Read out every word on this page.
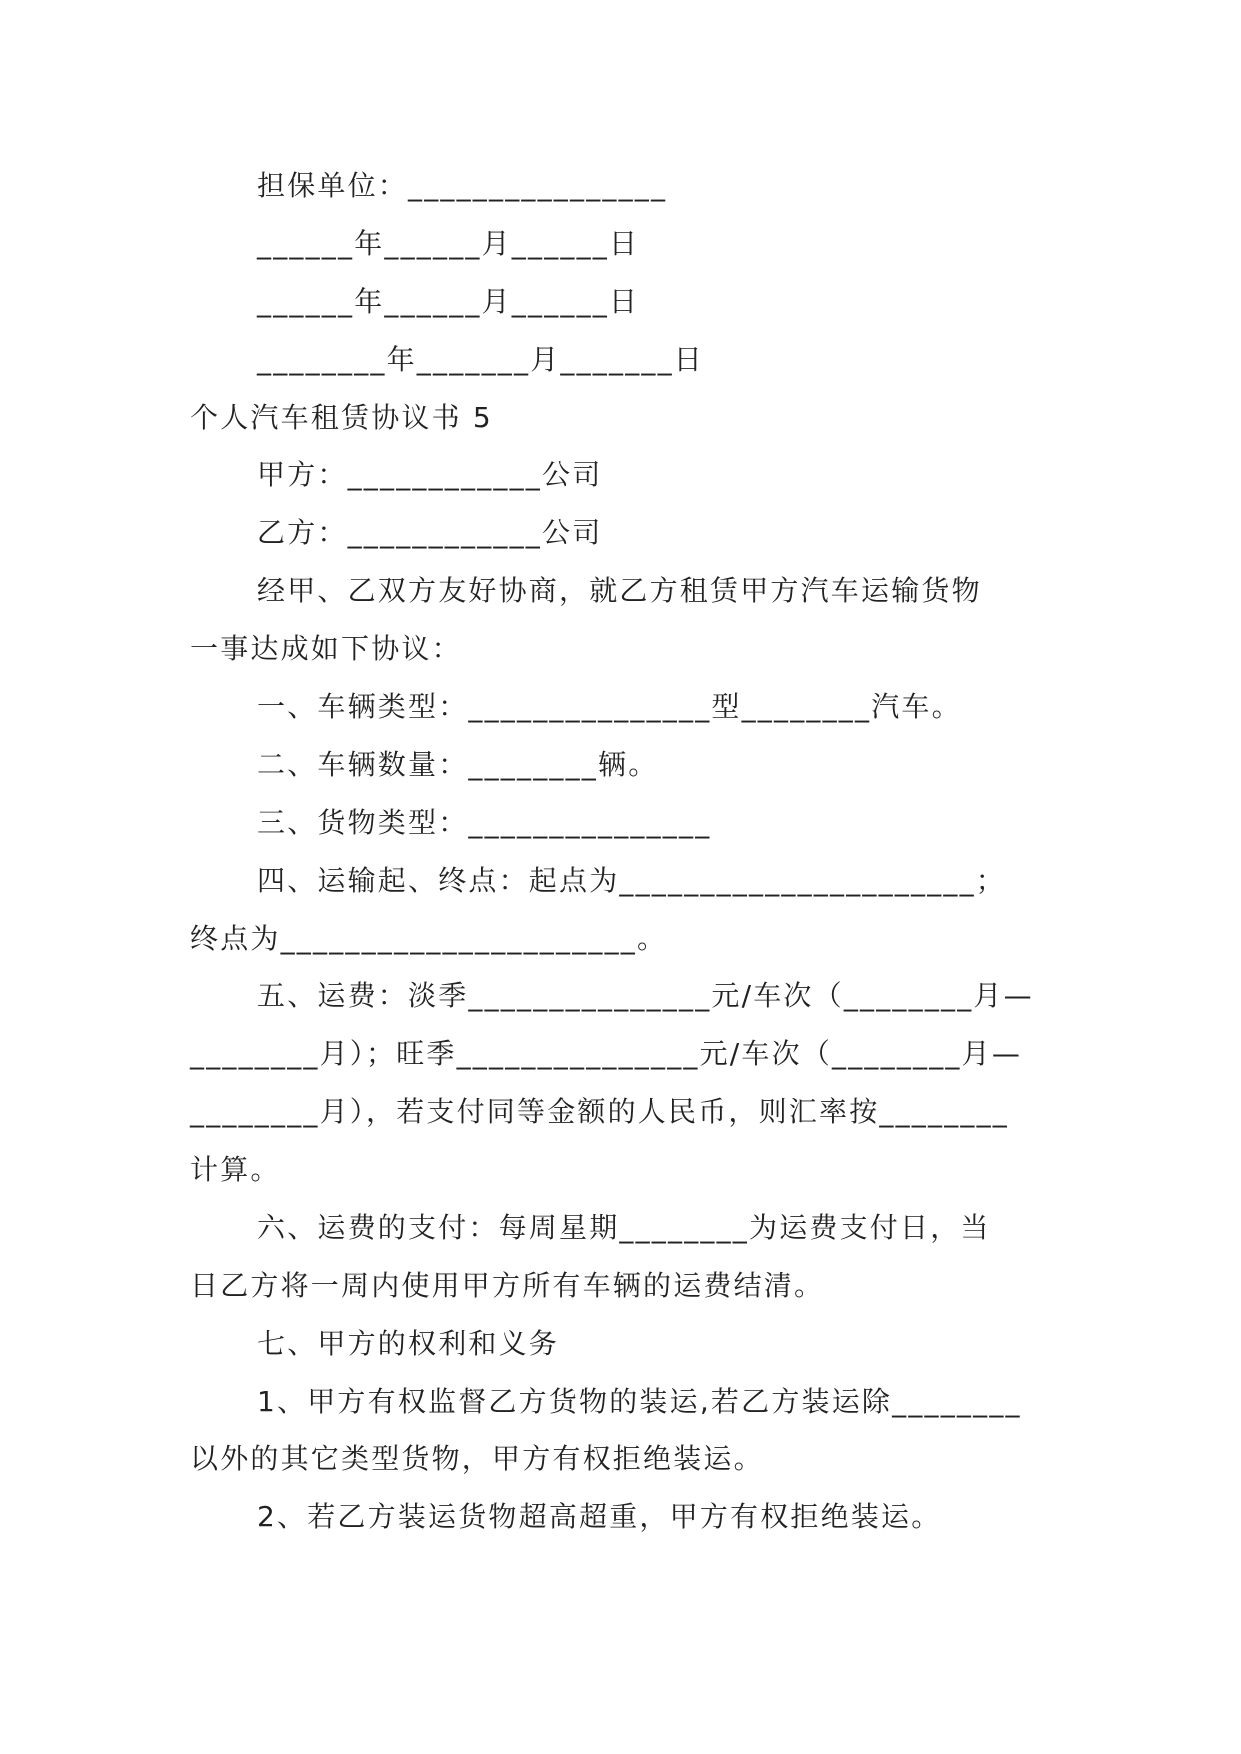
担保单位：________________
______年______月______日
______年______月______日
________年_______月_______日
个人汽车租赁协议书 5
甲方：____________公司
乙方：____________公司
经甲、乙双方友好协商，就乙方租赁甲方汽车运输货物
一事达成如下协议：
一、车辆类型：_______________型________汽车。
二、车辆数量：________辆。
三、货物类型：_______________
四、运输起、终点：起点为______________________；
终点为______________________。
五、运费：淡季_______________元/车次（________月—
________月）；旺季_______________元/车次（________月—
________月），若支付同等金额的人民币，则汇率按________
计算。
六、运费的支付：每周星期________为运费支付日，当
日乙方将一周内使用甲方所有车辆的运费结清。
七、甲方的权利和义务
1、甲方有权监督乙方货物的装运,若乙方装运除________
以外的其它类型货物，甲方有权拒绝装运。
2、若乙方装运货物超高超重，甲方有权拒绝装运。
